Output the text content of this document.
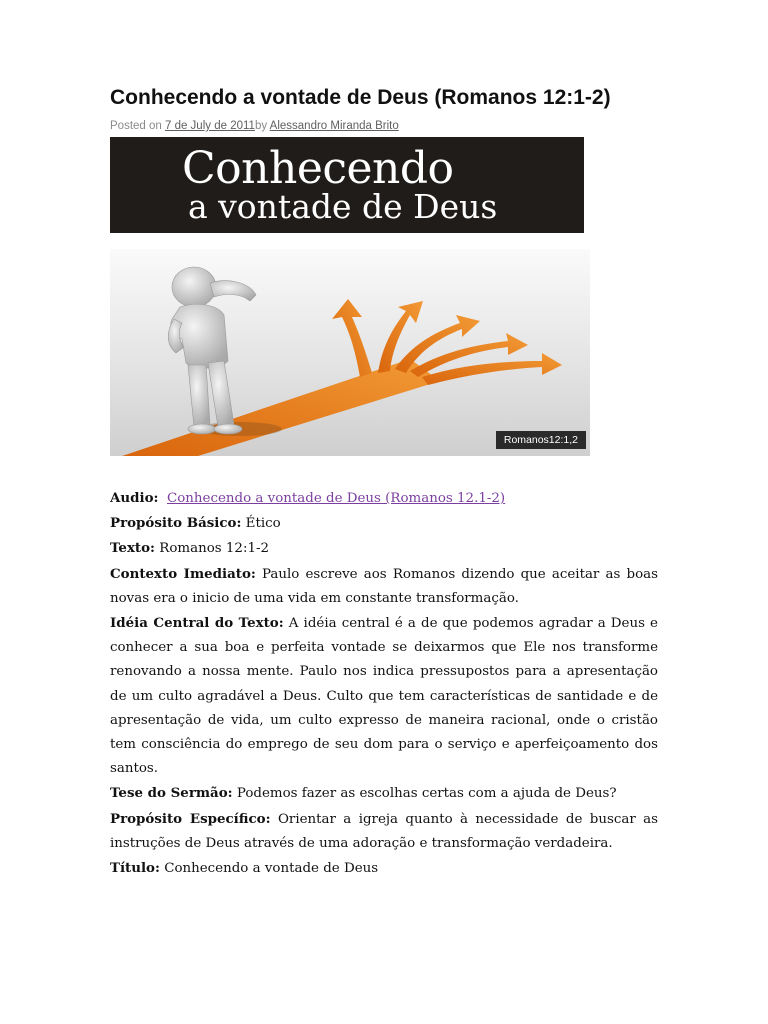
Conhecendo a vontade de Deus (Romanos 12:1-2)
Posted on 7 de July de 2011by Alessandro Miranda Brito
Conhecendo
a vontade de Deus
Romanos12:1,2

Audio: Conhecendo a vontade de Deus (Romanos 12.1-2)

Propósito Básico: Ético

Texto: Romanos 12:1-2

Contexto Imediato: Paulo escreve aos Romanos dizendo que aceitar as boas novas era o inicio de uma vida em constante transformação.

Idéia Central do Texto: A idéia central é a de que podemos agradar a Deus e conhecer a sua boa e perfeita vontade se deixarmos que Ele nos transforme renovando a nossa mente. Paulo nos indica pressupostos para a apresentação de um culto agradável a Deus. Culto que tem características de santidade e de apresentação de vida, um culto expresso de maneira racional, onde o cristão tem consciência do emprego de seu dom para o serviço e aperfeiçoamento dos santos.

Tese do Sermão: Podemos fazer as escolhas certas com a ajuda de Deus?

Propósito Específico: Orientar a igreja quanto à necessidade de buscar as instruções de Deus através de uma adoração e transformação verdadeira.

Título: Conhecendo a vontade de Deus
